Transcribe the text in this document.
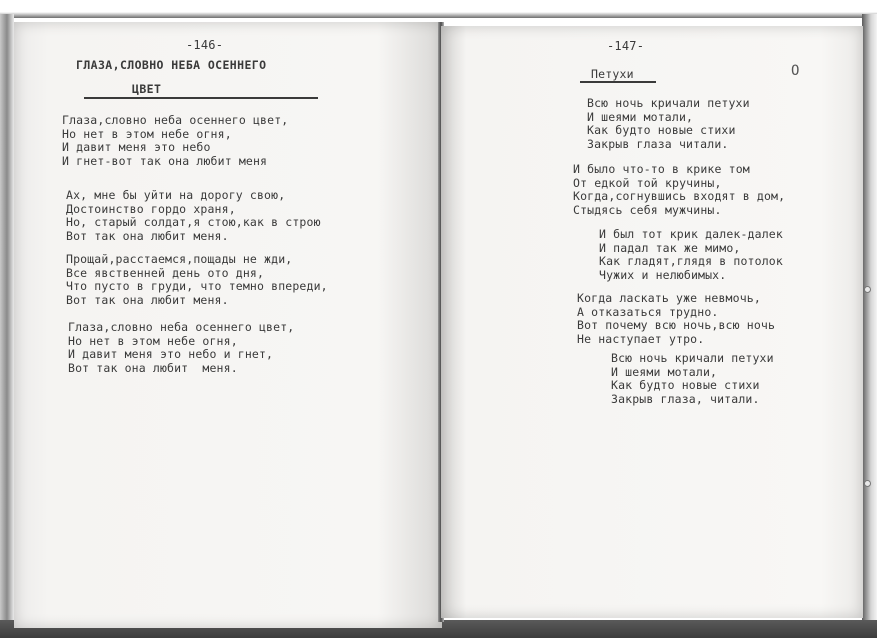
-146-
ГЛАЗА,СЛОВНО НЕБА ОСЕННЕГО
ЦВЕТ
Глаза,словно неба осеннего цвет,
Но нет в этом небе огня,
И давит меня это небо
И гнет-вот так она любит меня
Ах, мне бы уйти на дорогу свою,
Достоинство гордо храня,
Но, старый солдат,я стою,как в строю
Вот так она любит меня.
Прощай,расстаемся,пощады не жди,
Все явственней день ото дня,
Что пусто в груди, что темно впереди,
Вот так она любит меня.
Глаза,словно неба осеннего цвет,
Но нет в этом небе огня,
И давит меня это небо и гнет,
Вот так она любит  меня.
-147-
Петухи	О
Всю ночь кричали петухи
И шеями мотали,
Как будто новые стихи
Закрыв глаза читали.
И было что-то в крике том
От едкой той кручины,
Когда,согнувшись входят в дом,
Стыдясь себя мужчины.
И был тот крик далек-далек
И падал так же мимо,
Как гладят,глядя в потолок
Чужих и нелюбимых.
Когда ласкать уже невмочь,
А отказаться трудно.
Вот почему всю ночь,всю ночь
Не наступает утро.
Всю ночь кричали петухи
И шеями мотали,
Как будто новые стихи
Закрыв глаза, читали.
